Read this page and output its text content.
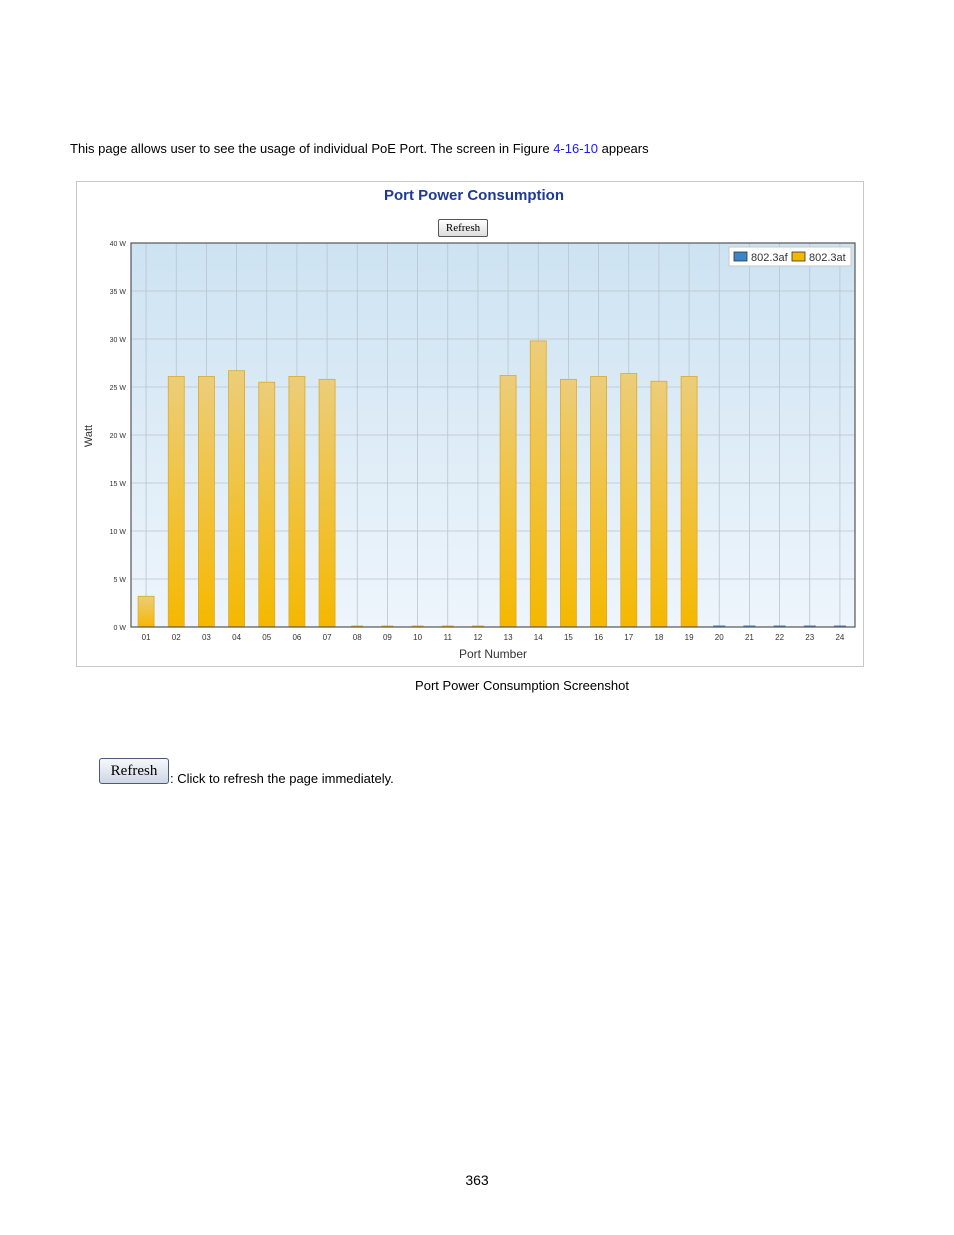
This page allows user to see the usage of individual PoE Port. The screen in Figure 4-16-10 appears
Port Power Consumption
Refresh
0 W
5 W
10 W
15 W
20 W
25 W
30 W
35 W
40 W
01	02	03	04	05	06	07	08	09	10	11	12	13	14	15	16	17	18	19	20	21	22	23	24
802.3af 802.3at
Watt
Port Number
Port Power Consumption Screenshot
Refresh : Click to refresh the page immediately.
363
